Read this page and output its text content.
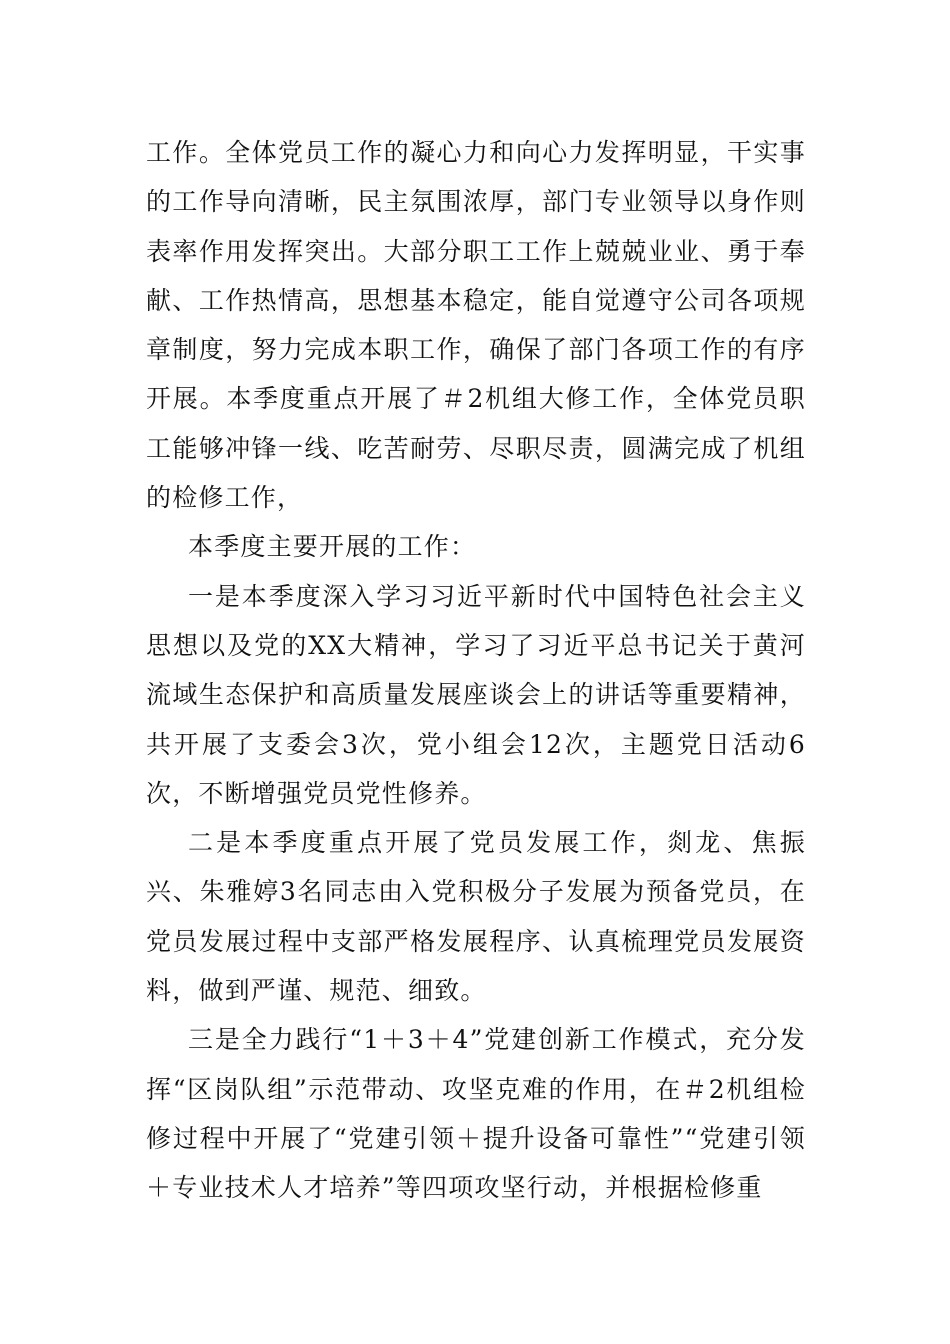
工作。全体党员工作的凝心力和向心力发挥明显，干实事的工作导向清晰，民主氛围浓厚，部门专业领导以身作则表率作用发挥突出。大部分职工工作上兢兢业业、勇于奉献、工作热情高，思想基本稳定，能自觉遵守公司各项规章制度，努力完成本职工作，确保了部门各项工作的有序开展。本季度重点开展了＃2机组大修工作，全体党员职工能够冲锋一线、吃苦耐劳、尽职尽责，圆满完成了机组的检修工作，

本季度主要开展的工作：

一是本季度深入学习习近平新时代中国特色社会主义思想以及党的XX大精神，学习了习近平总书记关于黄河流域生态保护和高质量发展座谈会上的讲话等重要精神，共开展了支委会3次，党小组会12次，主题党日活动6次，不断增强党员党性修养。

二是本季度重点开展了党员发展工作，剡龙、焦振兴、朱雅婷3名同志由入党积极分子发展为预备党员，在党员发展过程中支部严格发展程序、认真梳理党员发展资料，做到严谨、规范、细致。

三是全力践行“1＋3＋4”党建创新工作模式，充分发挥“区岗队组”示范带动、攻坚克难的作用，在＃2机组检修过程中开展了“党建引领＋提升设备可靠性”“党建引领＋专业技术人才培养”等四项攻坚行动，并根据检修重
